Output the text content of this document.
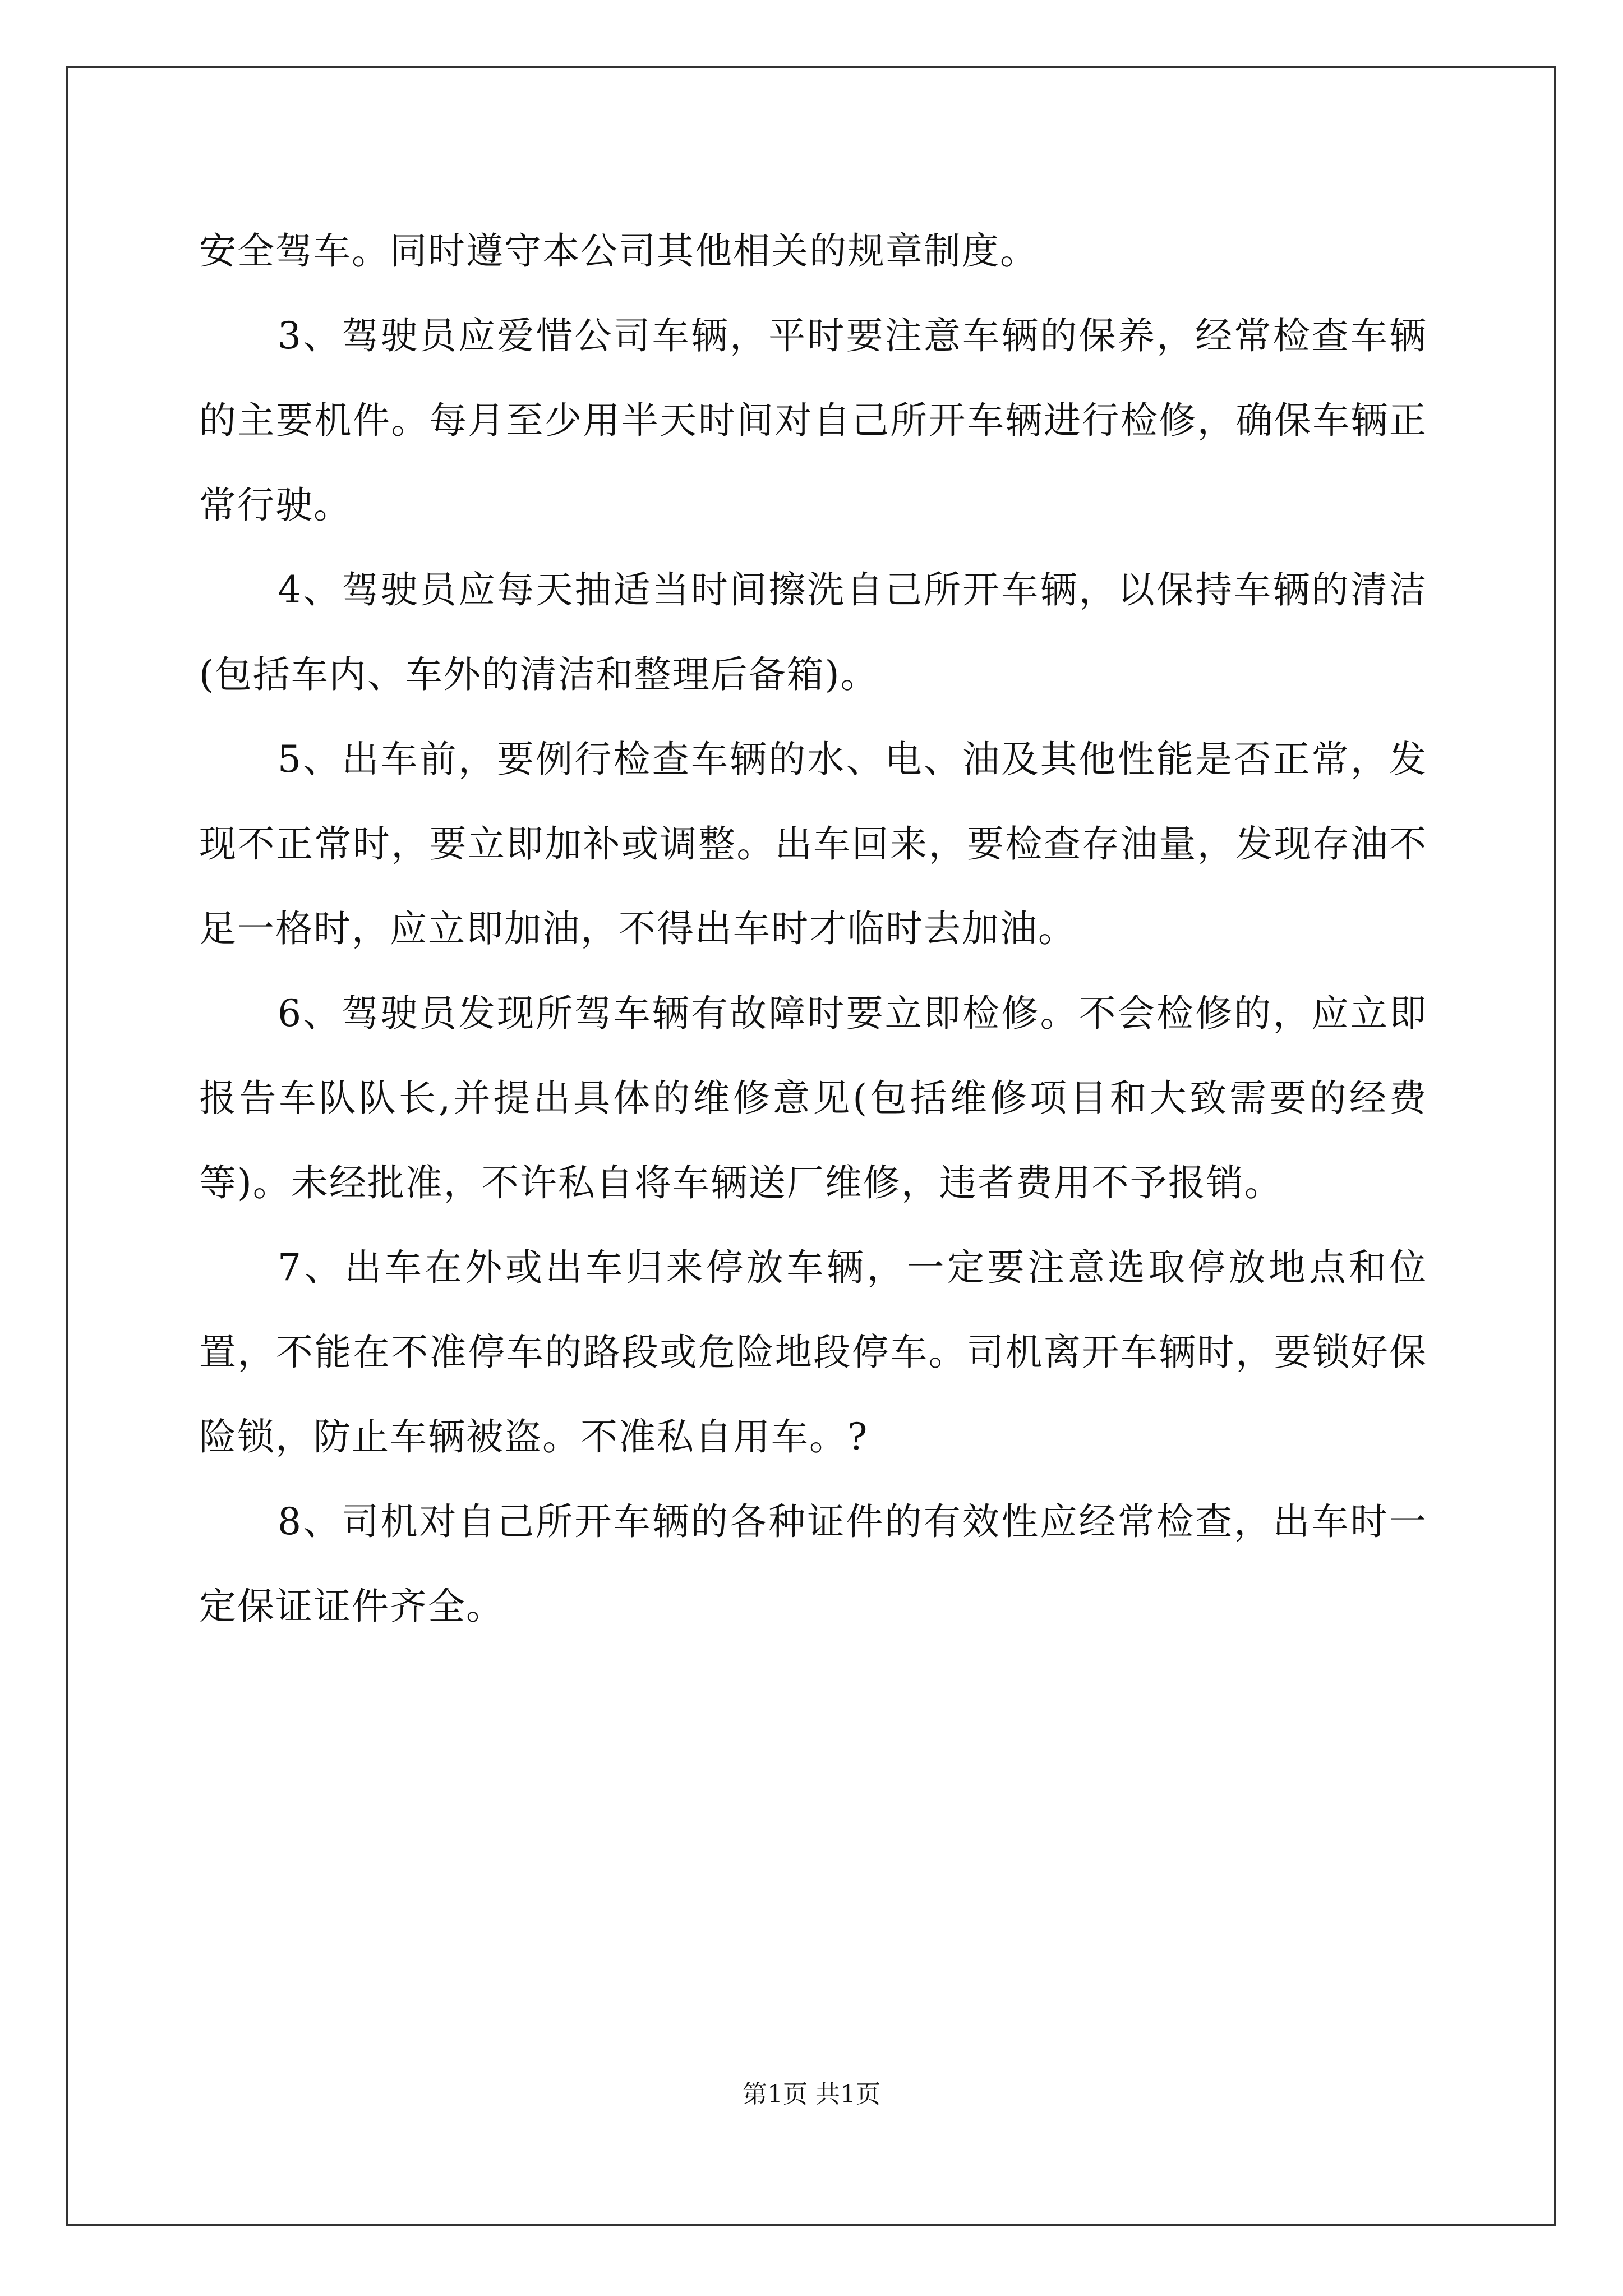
安全驾车。同时遵守本公司其他相关的规章制度。

3、驾驶员应爱惜公司车辆，平时要注意车辆的保养，经常检查车辆的主要机件。每月至少用半天时间对自己所开车辆进行检修，确保车辆正常行驶。

4、驾驶员应每天抽适当时间擦洗自己所开车辆，以保持车辆的清洁(包括车内、车外的清洁和整理后备箱)。

5、出车前，要例行检查车辆的水、电、油及其他性能是否正常，发现不正常时，要立即加补或调整。出车回来，要检查存油量，发现存油不足一格时，应立即加油，不得出车时才临时去加油。

6、驾驶员发现所驾车辆有故障时要立即检修。不会检修的，应立即报告车队队长,并提出具体的维修意见(包括维修项目和大致需要的经费等)。未经批准，不许私自将车辆送厂维修，违者费用不予报销。

7、出车在外或出车归来停放车辆，一定要注意选取停放地点和位置，不能在不准停车的路段或危险地段停车。司机离开车辆时，要锁好保险锁，防止车辆被盗。不准私自用车。?

8、司机对自己所开车辆的各种证件的有效性应经常检查，出车时一定保证证件齐全。

第1页 共1页
